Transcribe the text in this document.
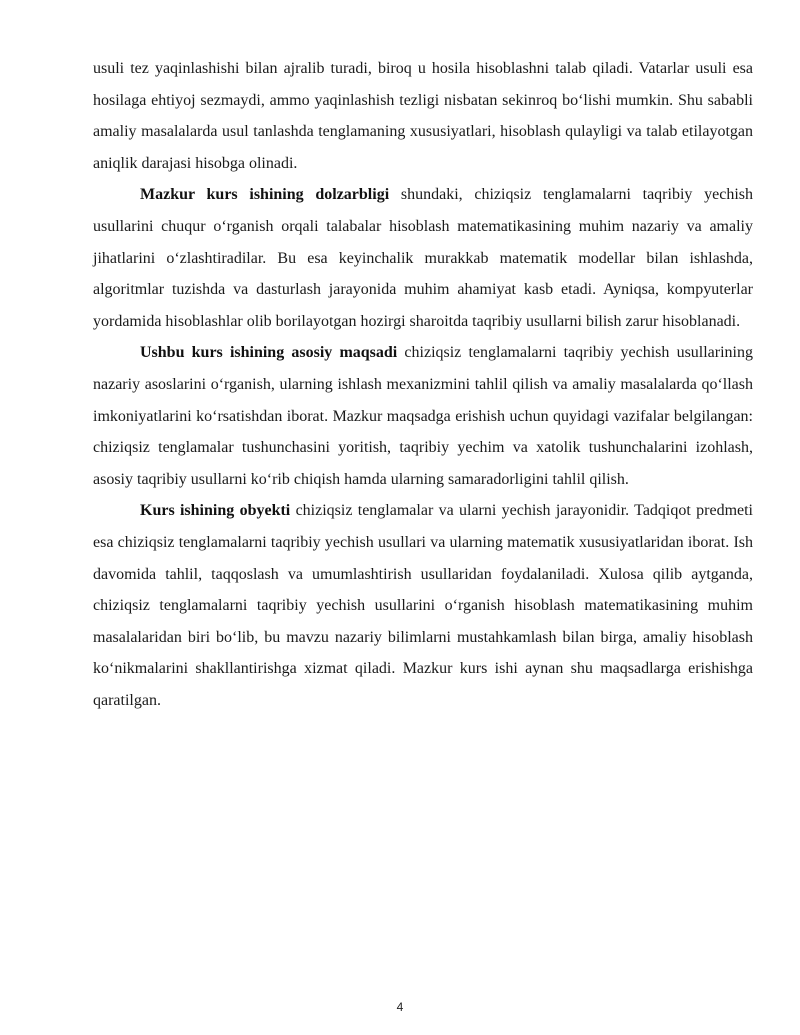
usuli tez yaqinlashishi bilan ajralib turadi, biroq u hosila hisoblashni talab qiladi. Vatarlar usuli esa hosilaga ehtiyoj sezmaydi, ammo yaqinlashish tezligi nisbatan sekinroq bo‘lishi mumkin. Shu sababli amaliy masalalarda usul tanlashda tenglamaning xususiyatlari, hisoblash qulayligi va talab etilayotgan aniqlik darajasi hisobga olinadi.

Mazkur kurs ishining dolzarbligi shundaki, chiziqsiz tenglamalarni taqribiy yechish usullarini chuqur o‘rganish orqali talabalar hisoblash matematikasining muhim nazariy va amaliy jihatlarini o‘zlashtiradilar. Bu esa keyinchalik murakkab matematik modellar bilan ishlashda, algoritmlar tuzishda va dasturlash jarayonida muhim ahamiyat kasb etadi. Ayniqsa, kompyuterlar yordamida hisoblashlar olib borilayotgan hozirgi sharoitda taqribiy usullarni bilish zarur hisoblanadi.

Ushbu kurs ishining asosiy maqsadi chiziqsiz tenglamalarni taqribiy yechish usullarining nazariy asoslarini o‘rganish, ularning ishlash mexanizmini tahlil qilish va amaliy masalalarda qo‘llash imkoniyatlarini ko‘rsatishdan iborat. Mazkur maqsadga erishish uchun quyidagi vazifalar belgilangan: chiziqsiz tenglamalar tushunchasini yoritish, taqribiy yechim va xatolik tushunchalarini izohlash, asosiy taqribiy usullarni ko‘rib chiqish hamda ularning samaradorligini tahlil qilish.

Kurs ishining obyekti chiziqsiz tenglamalar va ularni yechish jarayonidir. Tadqiqot predmeti esa chiziqsiz tenglamalarni taqribiy yechish usullari va ularning matematik xususiyatlaridan iborat. Ish davomida tahlil, taqqoslash va umumlashtirish usullaridan foydalaniladi. Xulosa qilib aytganda, chiziqsiz tenglamalarni taqribiy yechish usullarini o‘rganish hisoblash matematikasining muhim masalalaridan biri bo‘lib, bu mavzu nazariy bilimlarni mustahkamlash bilan birga, amaliy hisoblash ko‘nikmalarini shakllantirishga xizmat qiladi. Mazkur kurs ishi aynan shu maqsadlarga erishishga qaratilgan.

4
